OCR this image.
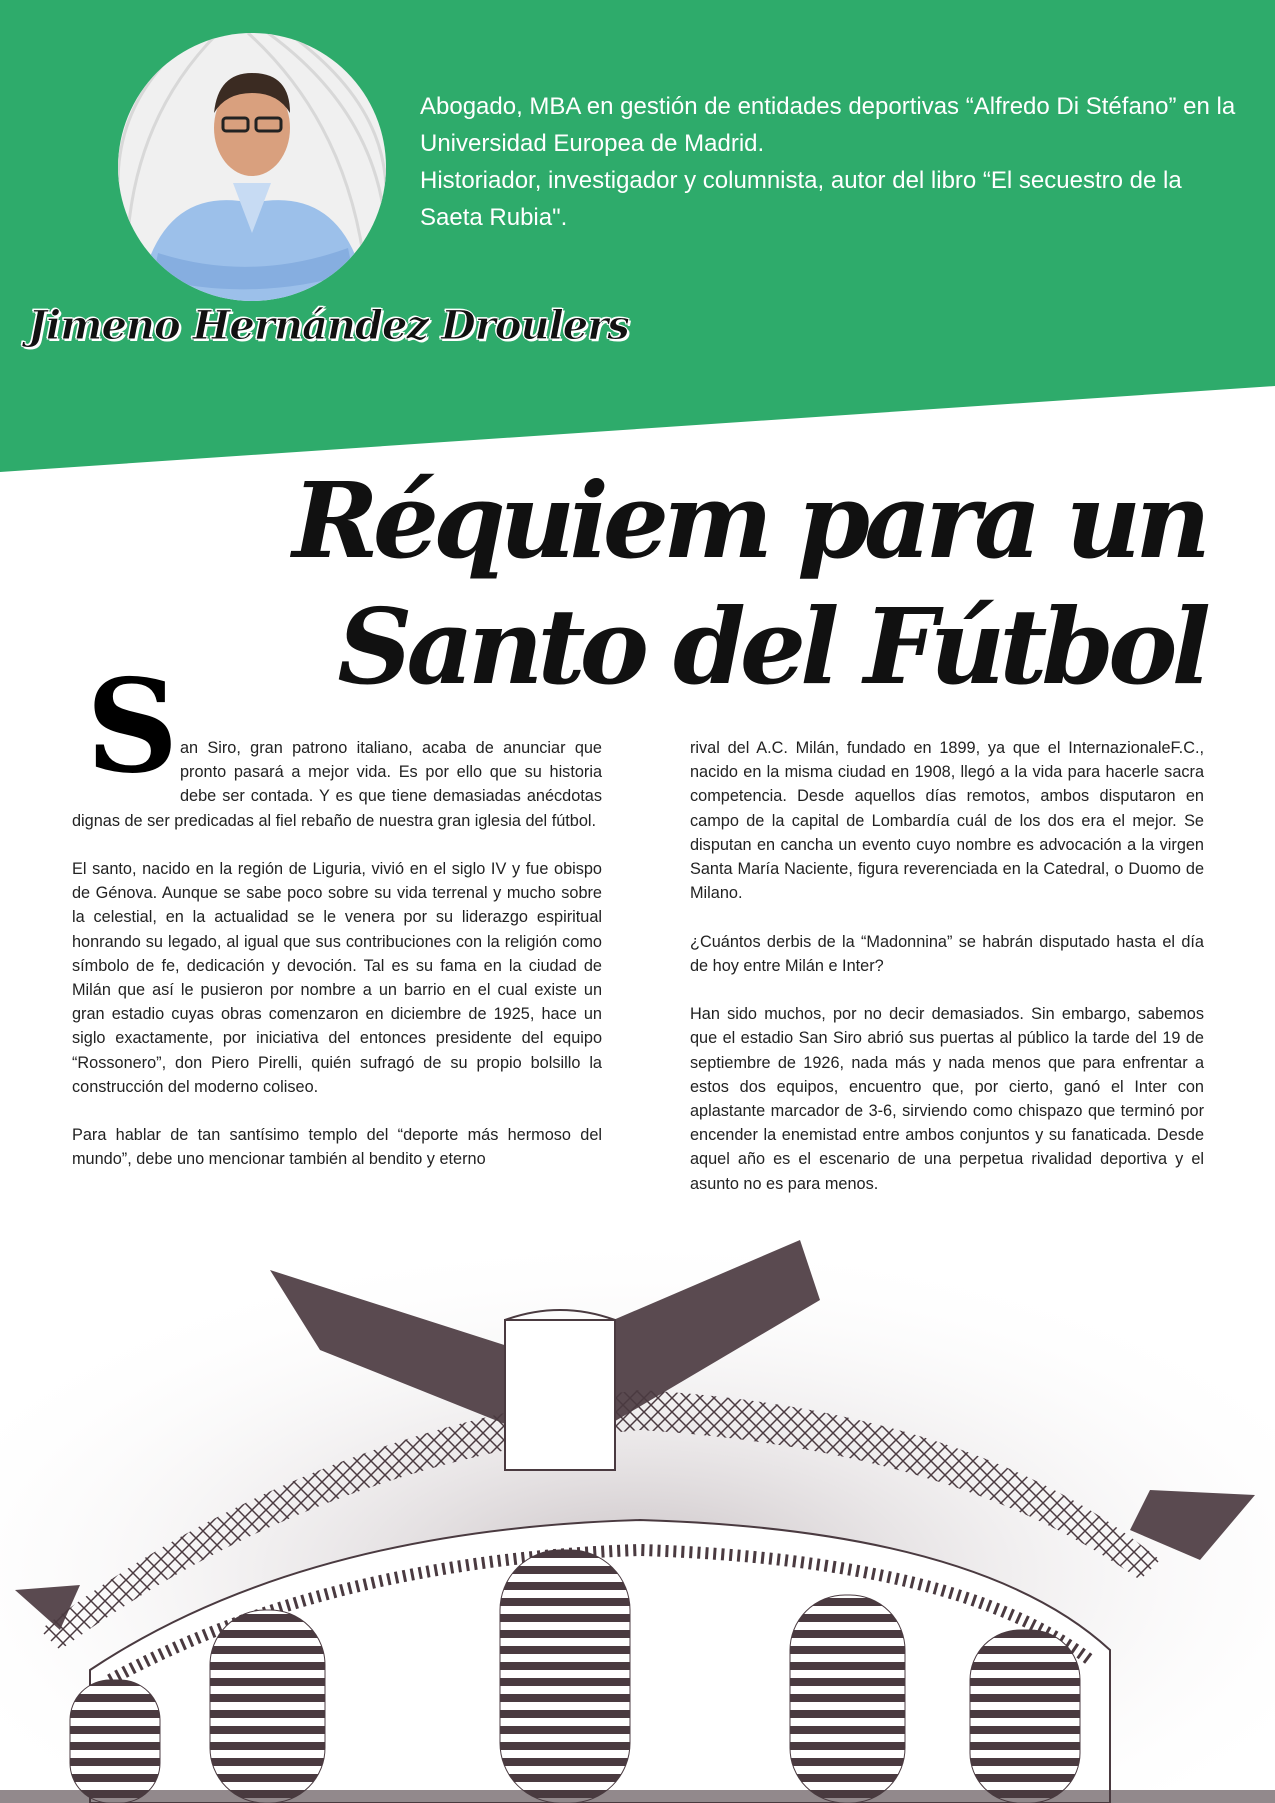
Abogado, MBA en gestión de entidades deportivas “Alfredo Di Stéfano” en la Universidad Europea de Madrid.

Historiador, investigador y columnista, autor del libro “El secuestro de la Saeta Rubia".

Jimeno Hernández Droulers
Réquiem para un
Santo del Fútbol
S an Siro, gran patrono italiano, acaba de anunciar que pronto pasará a mejor vida. Es por ello que su historia debe ser contada. Y es que tiene demasiadas anécdotas dignas de ser predicadas al fiel rebaño de nuestra gran iglesia del fútbol.

El santo, nacido en la región de Liguria, vivió en el siglo IV y fue obispo de Génova. Aunque se sabe poco sobre su vida terrenal y mucho sobre la celestial, en la actualidad se le venera por su liderazgo espiritual honrando su legado, al igual que sus contribuciones con la religión como símbolo de fe, dedicación y devoción. Tal es su fama en la ciudad de Milán que así le pusieron por nombre a un barrio en el cual existe un gran estadio cuyas obras comenzaron en diciembre de 1925, hace un siglo exactamente, por iniciativa del entonces presidente del equipo “Rossonero”, don Piero Pirelli, quién sufragó de su propio bolsillo la construcción del moderno coliseo.

Para hablar de tan santísimo templo del “deporte más hermoso del mundo”, debe uno mencionar también al bendito y eterno

rival del A.C. Milán, fundado en 1899, ya que el InternazionaleF.C., nacido en la misma ciudad en 1908, llegó a la vida para hacerle sacra competencia. Desde aquellos días remotos, ambos disputaron en campo de la capital de Lombardía cuál de los dos era el mejor. Se disputan en cancha un evento cuyo nombre es advocación a la virgen Santa María Naciente, figura reverenciada en la Catedral, o Duomo de Milano.

¿Cuántos derbis de la “Madonnina” se habrán disputado hasta el día de hoy entre Milán e Inter?

Han sido muchos, por no decir demasiados. Sin embargo, sabemos que el estadio San Siro abrió sus puertas al público la tarde del 19 de septiembre de 1926, nada más y nada menos que para enfrentar a estos dos equipos, encuentro que, por cierto, ganó el Inter con aplastante marcador de 3-6, sirviendo como chispazo que terminó por encender la enemistad entre ambos conjuntos y su fanaticada. Desde aquel año es el escenario de una perpetua rivalidad deportiva y el asunto no es para menos.
